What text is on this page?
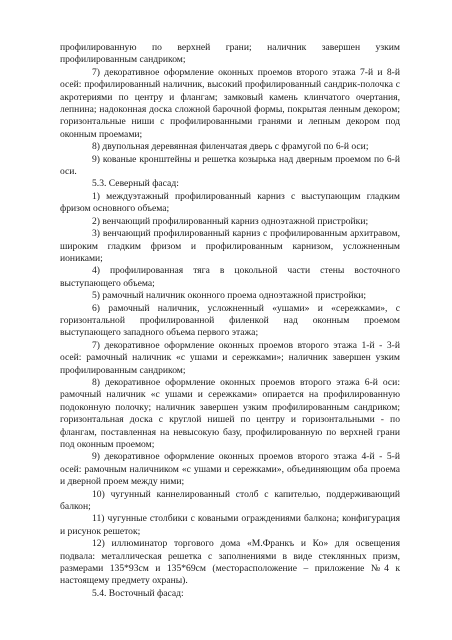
профилированную по верхней грани; наличник завершен узким профилированным сандриком;

7) декоративное оформление оконных проемов второго этажа 7-й и 8-й осей: профилированный наличник, высокий профилированный сандрик-полочка с акротериями по центру и флангам; замковый камень клинчатого очертания, лепнина; надоконная доска сложной барочной формы, покрытая ленным декором; горизонтальные ниши с профилированными гранями и лепным декором под оконным проемами;

8) двупольная деревянная филенчатая дверь с фрамугой по 6-й оси;

9) кованые кронштейны и решетка козырька над дверным проемом по 6-й оси.

5.3. Северный фасад:

1) междуэтажный профилированный карниз с выступающим гладким фризом основного объема;

2) венчающий профилированный карниз одноэтажной пристройки;

3) венчающий профилированный карниз с профилированным архитравом, широким гладким фризом и профилированным карнизом, усложненным иониками;

4) профилированная тяга в цокольной части стены восточного выступающего объема;

5) рамочный наличник оконного проема одноэтажной пристройки;

6) рамочный наличник, усложненный «ушами» и «сережками», с горизонтальной профилированной филенкой над оконным проемом выступающего западного объема первого этажа;

7) декоративное оформление оконных проемов второго этажа 1-й - 3-й осей: рамочный наличник «с ушами и сережками»; наличник завершен узким профилированным сандриком;

8) декоративное оформление оконных проемов второго этажа 6-й оси: рамочный наличник «с ушами и сережками» опирается на профилированную подоконную полочку; наличник завершен узким профилированным сандриком; горизонтальная доска с круглой нишей по центру и горизонтальными - по флангам, поставленная на невысокую базу, профилированную по верхней грани под оконным проемом;

9) декоративное оформление оконных проемов второго этажа 4-й - 5-й осей: рамочным наличником «с ушами и сережками», объединяющим оба проема и дверной проем между ними;

10) чугунный каннелированный столб с капителью, поддерживающий балкон;

11) чугунные столбики с коваными ограждениями балкона; конфигурация и рисунок решеток;

12) иллюминатор торгового дома «М.Франкъ и Ко» для освещения подвала: металлическая решетка с заполнениями в виде стеклянных призм, размерами 135*93см и 135*69см (месторасположение – приложение №4 к настоящему предмету охраны).

5.4. Восточный фасад:
